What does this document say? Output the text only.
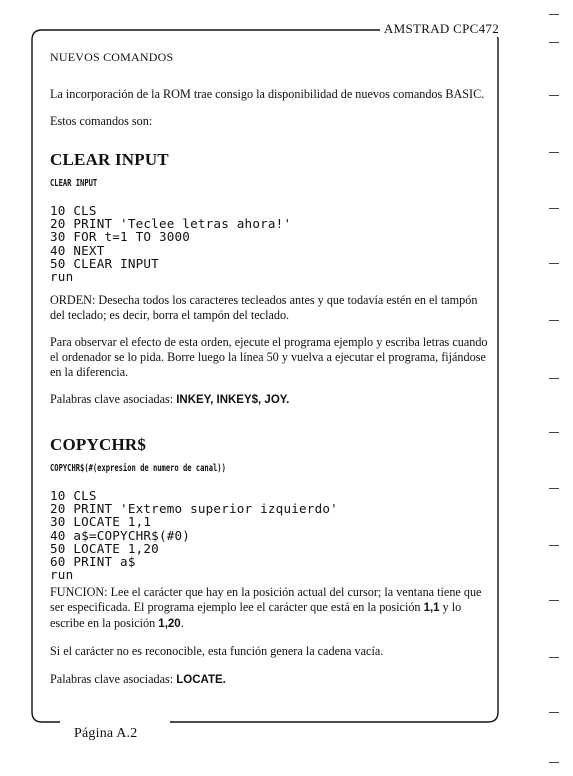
AMSTRAD CPC472

NUEVOS COMANDOS

La incorporación de la ROM trae consigo la disponibilidad de nuevos comandos BASIC.

Estos comandos son:

CLEAR INPUT

CLEAR INPUT

10 CLS
20 PRINT 'Teclee letras ahora!'
30 FOR t=1 TO 3000
40 NEXT
50 CLEAR INPUT
run

ORDEN: Desecha todos los caracteres tecleados antes y que todavía estén en el tampón del teclado; es decir, borra el tampón del teclado.

Para observar el efecto de esta orden, ejecute el programa ejemplo y escriba letras cuando el ordenador se lo pida. Borre luego la línea 50 y vuelva a ejecutar el programa, fijándose en la diferencia.

Palabras clave asociadas: INKEY, INKEY$, JOY.

COPYCHR$

COPYCHR$(#(expresion de numero de canal))

10 CLS
20 PRINT 'Extremo superior izquierdo'
30 LOCATE 1,1
40 a$=COPYCHR$(#0)
50 LOCATE 1,20
60 PRINT a$
run

FUNCION: Lee el carácter que hay en la posición actual del cursor; la ventana tiene que ser especificada. El programa ejemplo lee el carácter que está en la posición 1,1 y lo escribe en la posición 1,20.

Si el carácter no es reconocible, esta función genera la cadena vacía.

Palabras clave asociadas: LOCATE.

Página A.2
